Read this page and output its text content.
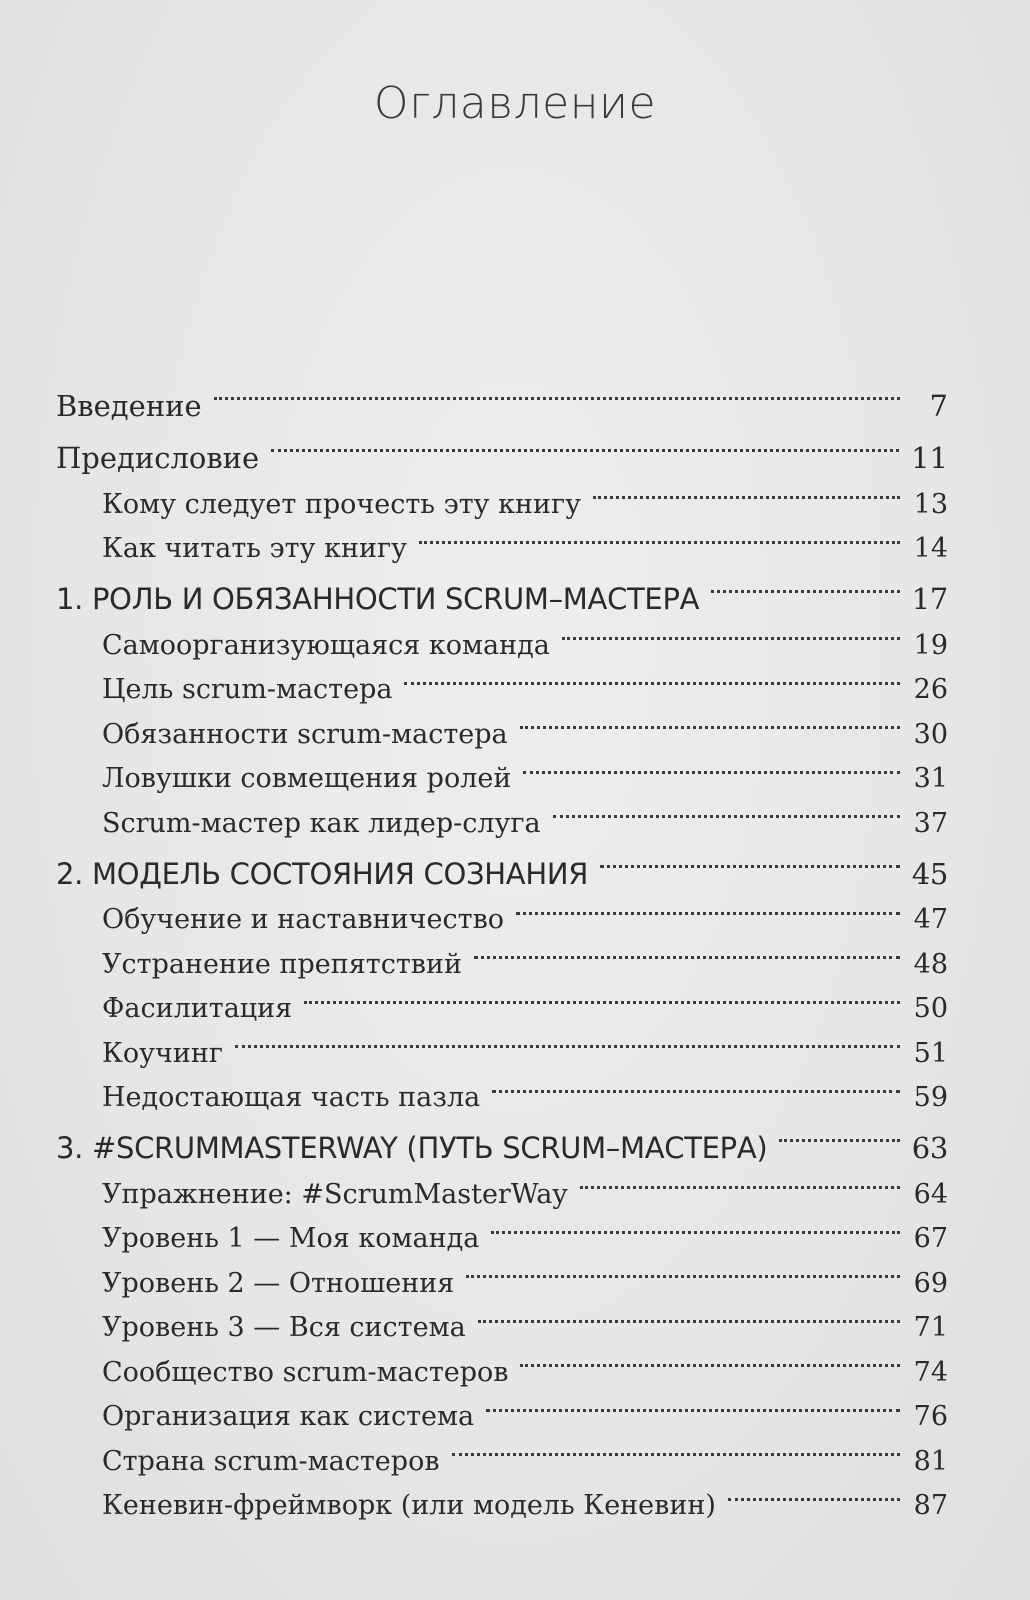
Оглавление
Введение	7
Предисловие	11
Кому следует прочесть эту книгу	13
Как читать эту книгу	14
1. РОЛЬ И ОБЯЗАННОСТИ SCRUM–МАСТЕРА	17
Самоорганизующаяся команда	19
Цель scrum-мастера	26
Обязанности scrum-мастера	30
Ловушки совмещения ролей	31
Scrum-мастер как лидер-слуга	37
2. МОДЕЛЬ СОСТОЯНИЯ СОЗНАНИЯ	45
Обучение и наставничество	47
Устранение препятствий	48
Фасилитация	50
Коучинг	51
Недостающая часть пазла	59
3. #SCRUMMASTERWAY (ПУТЬ SCRUM–МАСТЕРА)	63
Упражнение: #ScrumMasterWay	64
Уровень 1 — Моя команда	67
Уровень 2 — Отношения	69
Уровень 3 — Вся система	71
Сообщество scrum-мастеров	74
Организация как система	76
Страна scrum-мастеров	81
Кеневин-фреймворк (или модель Кеневин)	87
